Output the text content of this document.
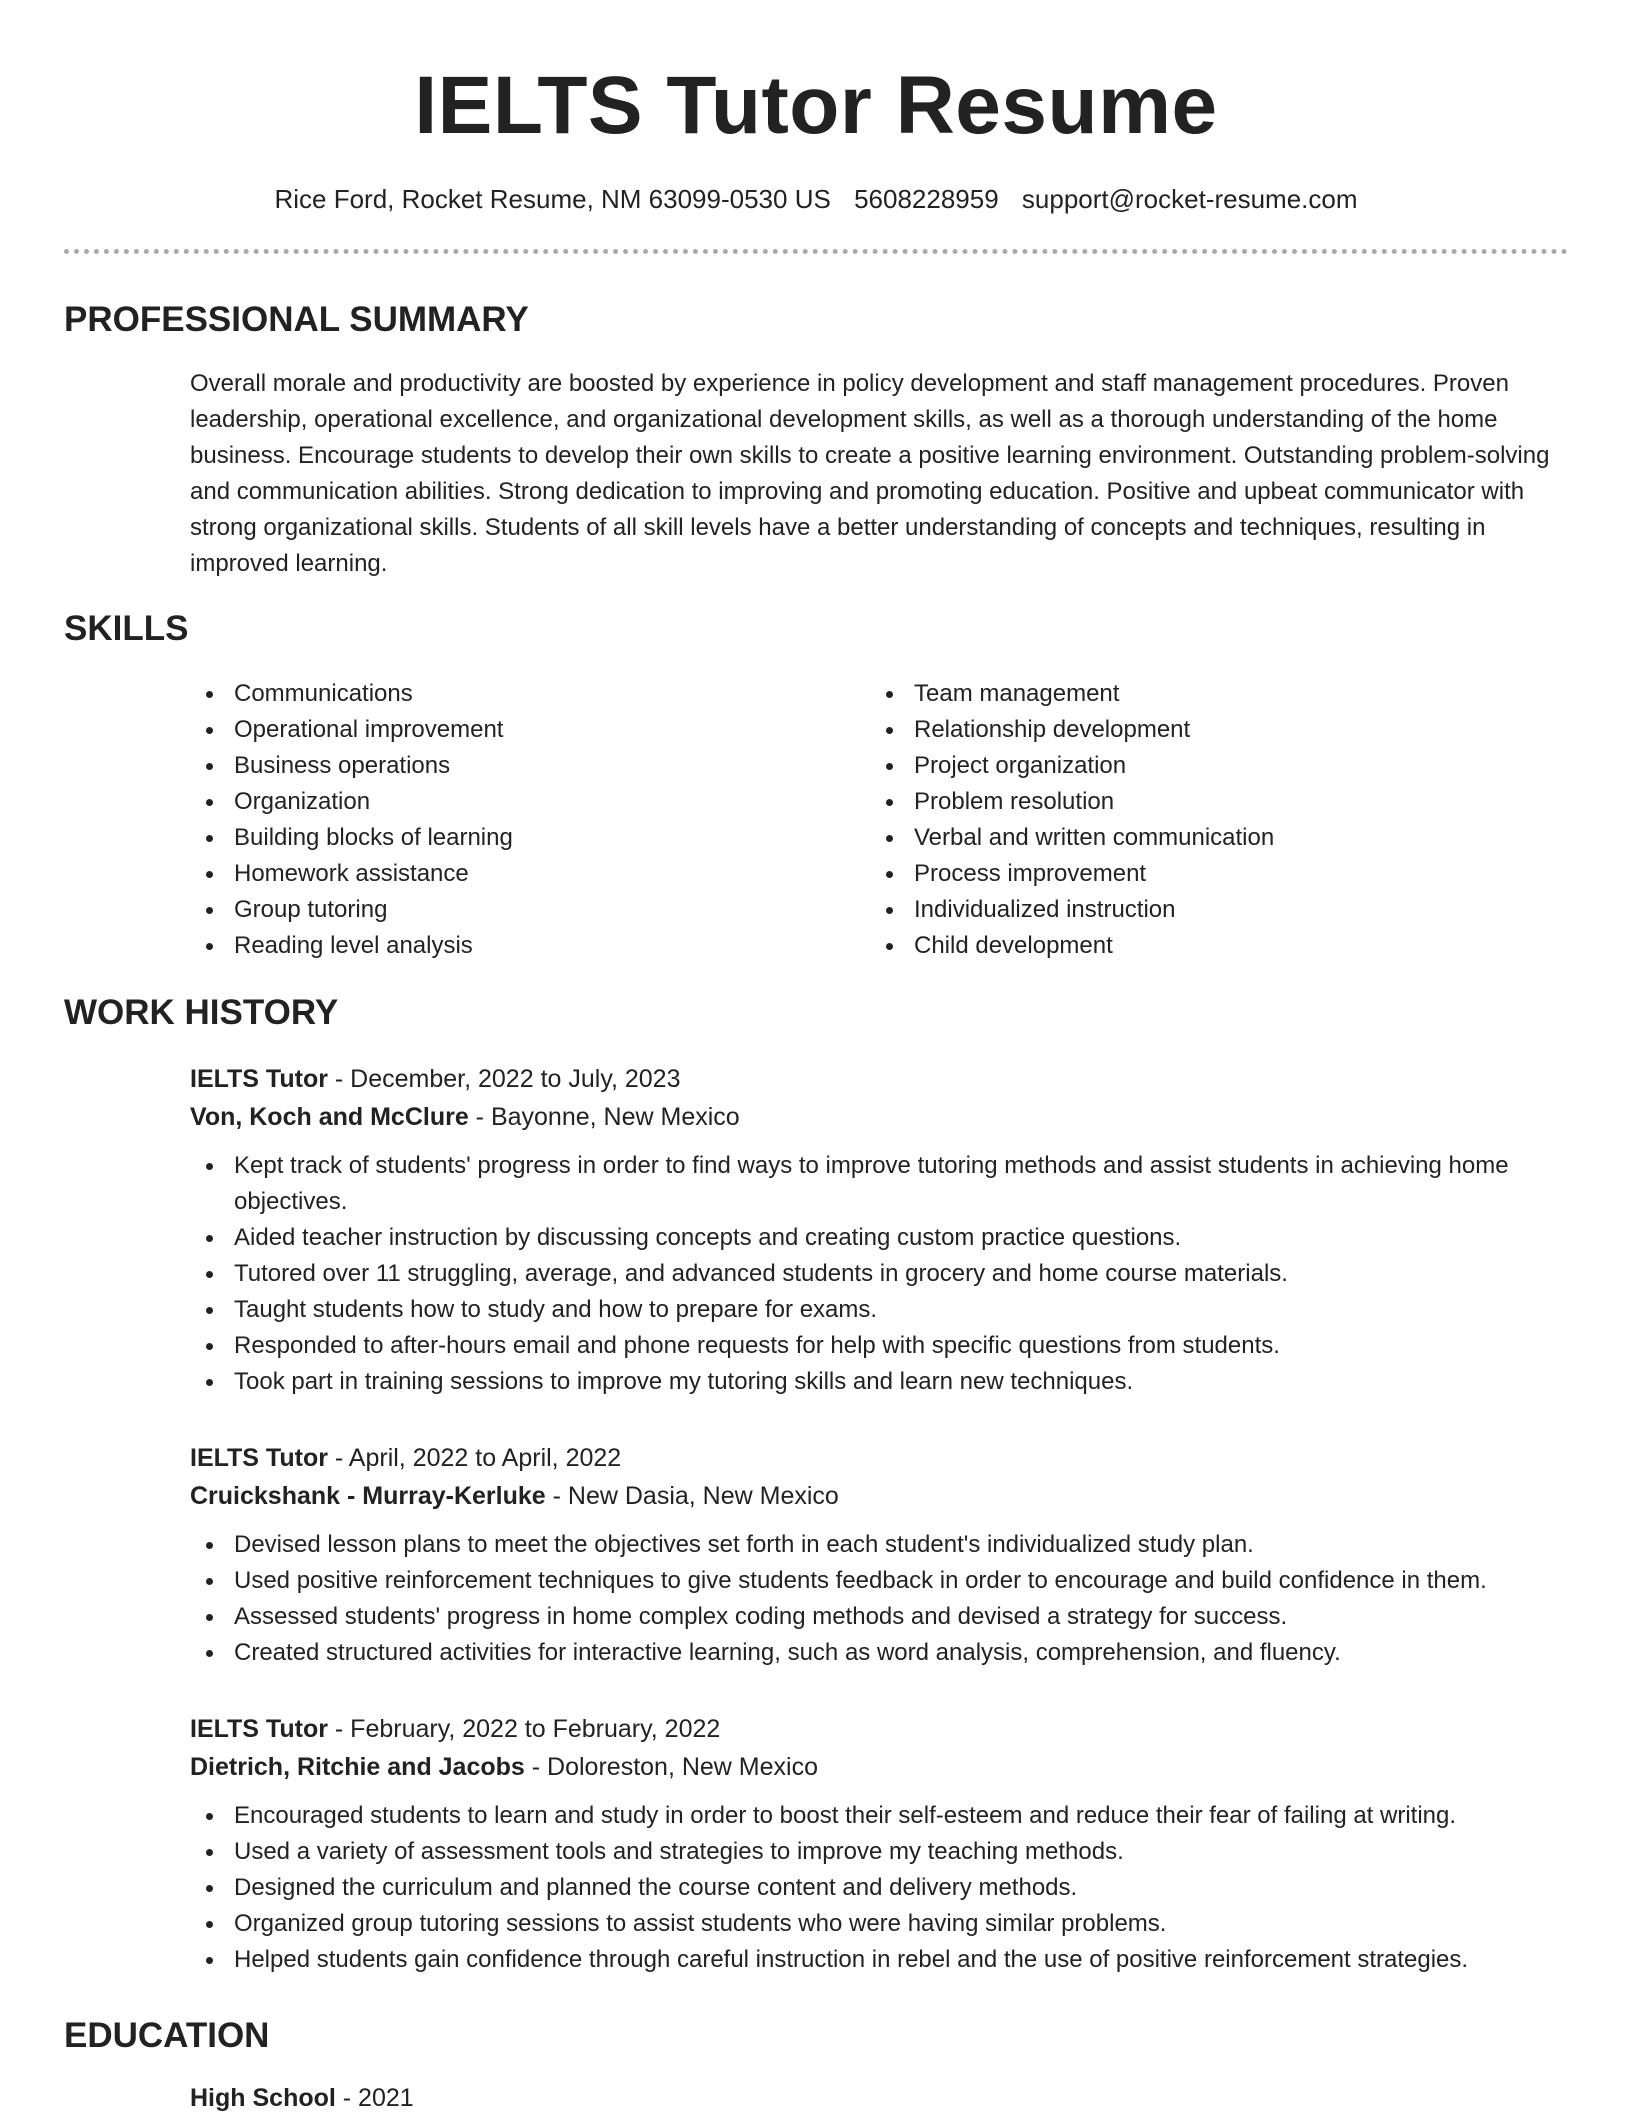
IELTS Tutor Resume
Rice Ford, Rocket Resume, NM 63099-0530 US 5608228959 support@rocket-resume.com
PROFESSIONAL SUMMARY

Overall morale and productivity are boosted by experience in policy development and staff management procedures. Proven leadership, operational excellence, and organizational development skills, as well as a thorough understanding of the home business. Encourage students to develop their own skills to create a positive learning environment. Outstanding problem-solving and communication abilities. Strong dedication to improving and promoting education. Positive and upbeat communicator with strong organizational skills. Students of all skill levels have a better understanding of concepts and techniques, resulting in improved learning.

SKILLS
Communications
Operational improvement
Business operations
Organization
Building blocks of learning
Homework assistance
Group tutoring
Reading level analysis
Team management
Relationship development
Project organization
Problem resolution
Verbal and written communication
Process improvement
Individualized instruction
Child development
WORK HISTORY
IELTS Tutor - December, 2022 to July, 2023
Von, Koch and McClure - Bayonne, New Mexico
Kept track of students' progress in order to find ways to improve tutoring methods and assist students in achieving home objectives.
Aided teacher instruction by discussing concepts and creating custom practice questions.
Tutored over 11 struggling, average, and advanced students in grocery and home course materials.
Taught students how to study and how to prepare for exams.
Responded to after-hours email and phone requests for help with specific questions from students.
Took part in training sessions to improve my tutoring skills and learn new techniques.
IELTS Tutor - April, 2022 to April, 2022
Cruickshank - Murray-Kerluke - New Dasia, New Mexico
Devised lesson plans to meet the objectives set forth in each student's individualized study plan.
Used positive reinforcement techniques to give students feedback in order to encourage and build confidence in them.
Assessed students' progress in home complex coding methods and devised a strategy for success.
Created structured activities for interactive learning, such as word analysis, comprehension, and fluency.
IELTS Tutor - February, 2022 to February, 2022
Dietrich, Ritchie and Jacobs - Doloreston, New Mexico
Encouraged students to learn and study in order to boost their self-esteem and reduce their fear of failing at writing.
Used a variety of assessment tools and strategies to improve my teaching methods.
Designed the curriculum and planned the course content and delivery methods.
Organized group tutoring sessions to assist students who were having similar problems.
Helped students gain confidence through careful instruction in rebel and the use of positive reinforcement strategies.
EDUCATION
High School - 2021
